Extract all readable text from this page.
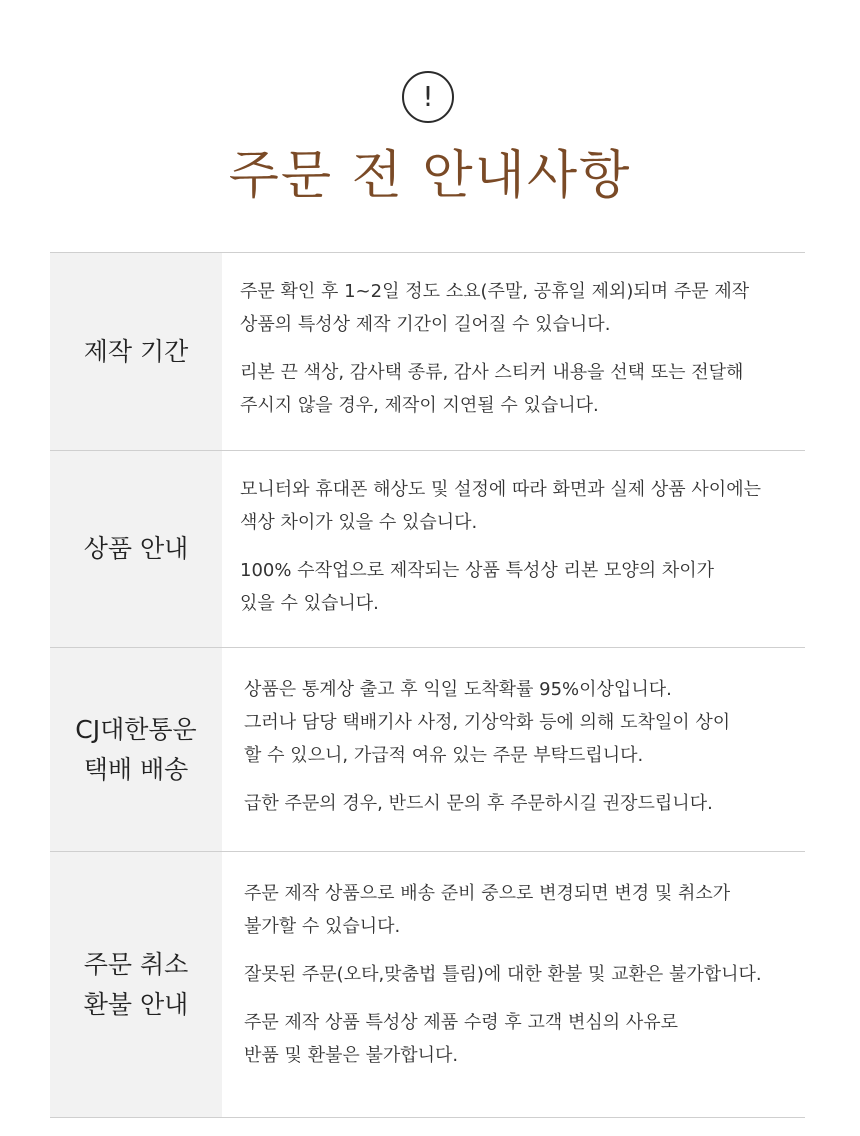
!
주문 전 안내사항
제작 기간

주문 확인 후 1~2일 정도 소요(주말, 공휴일 제외)되며 주문 제작
상품의 특성상 제작 기간이 길어질 수 있습니다.

리본 끈 색상, 감사택 종류, 감사 스티커 내용을 선택 또는 전달해
주시지 않을 경우, 제작이 지연될 수 있습니다.

상품 안내

모니터와 휴대폰 해상도 및 설정에 따라 화면과 실제 상품 사이에는
색상 차이가 있을 수 있습니다.

100% 수작업으로 제작되는 상품 특성상 리본 모양의 차이가
있을 수 있습니다.

CJ대한통운
택배 배송

상품은 통계상 출고 후 익일 도착확률 95%이상입니다.
그러나 담당 택배기사 사정, 기상악화 등에 의해 도착일이 상이
할 수 있으니, 가급적 여유 있는 주문 부탁드립니다.

급한 주문의 경우, 반드시 문의 후 주문하시길 권장드립니다.

주문 취소
환불 안내

주문 제작 상품으로 배송 준비 중으로 변경되면 변경 및 취소가
불가할 수 있습니다.

잘못된 주문(오타,맞춤법 틀림)에 대한 환불 및 교환은 불가합니다.

주문 제작 상품 특성상 제품 수령 후 고객 변심의 사유로
반품 및 환불은 불가합니다.
